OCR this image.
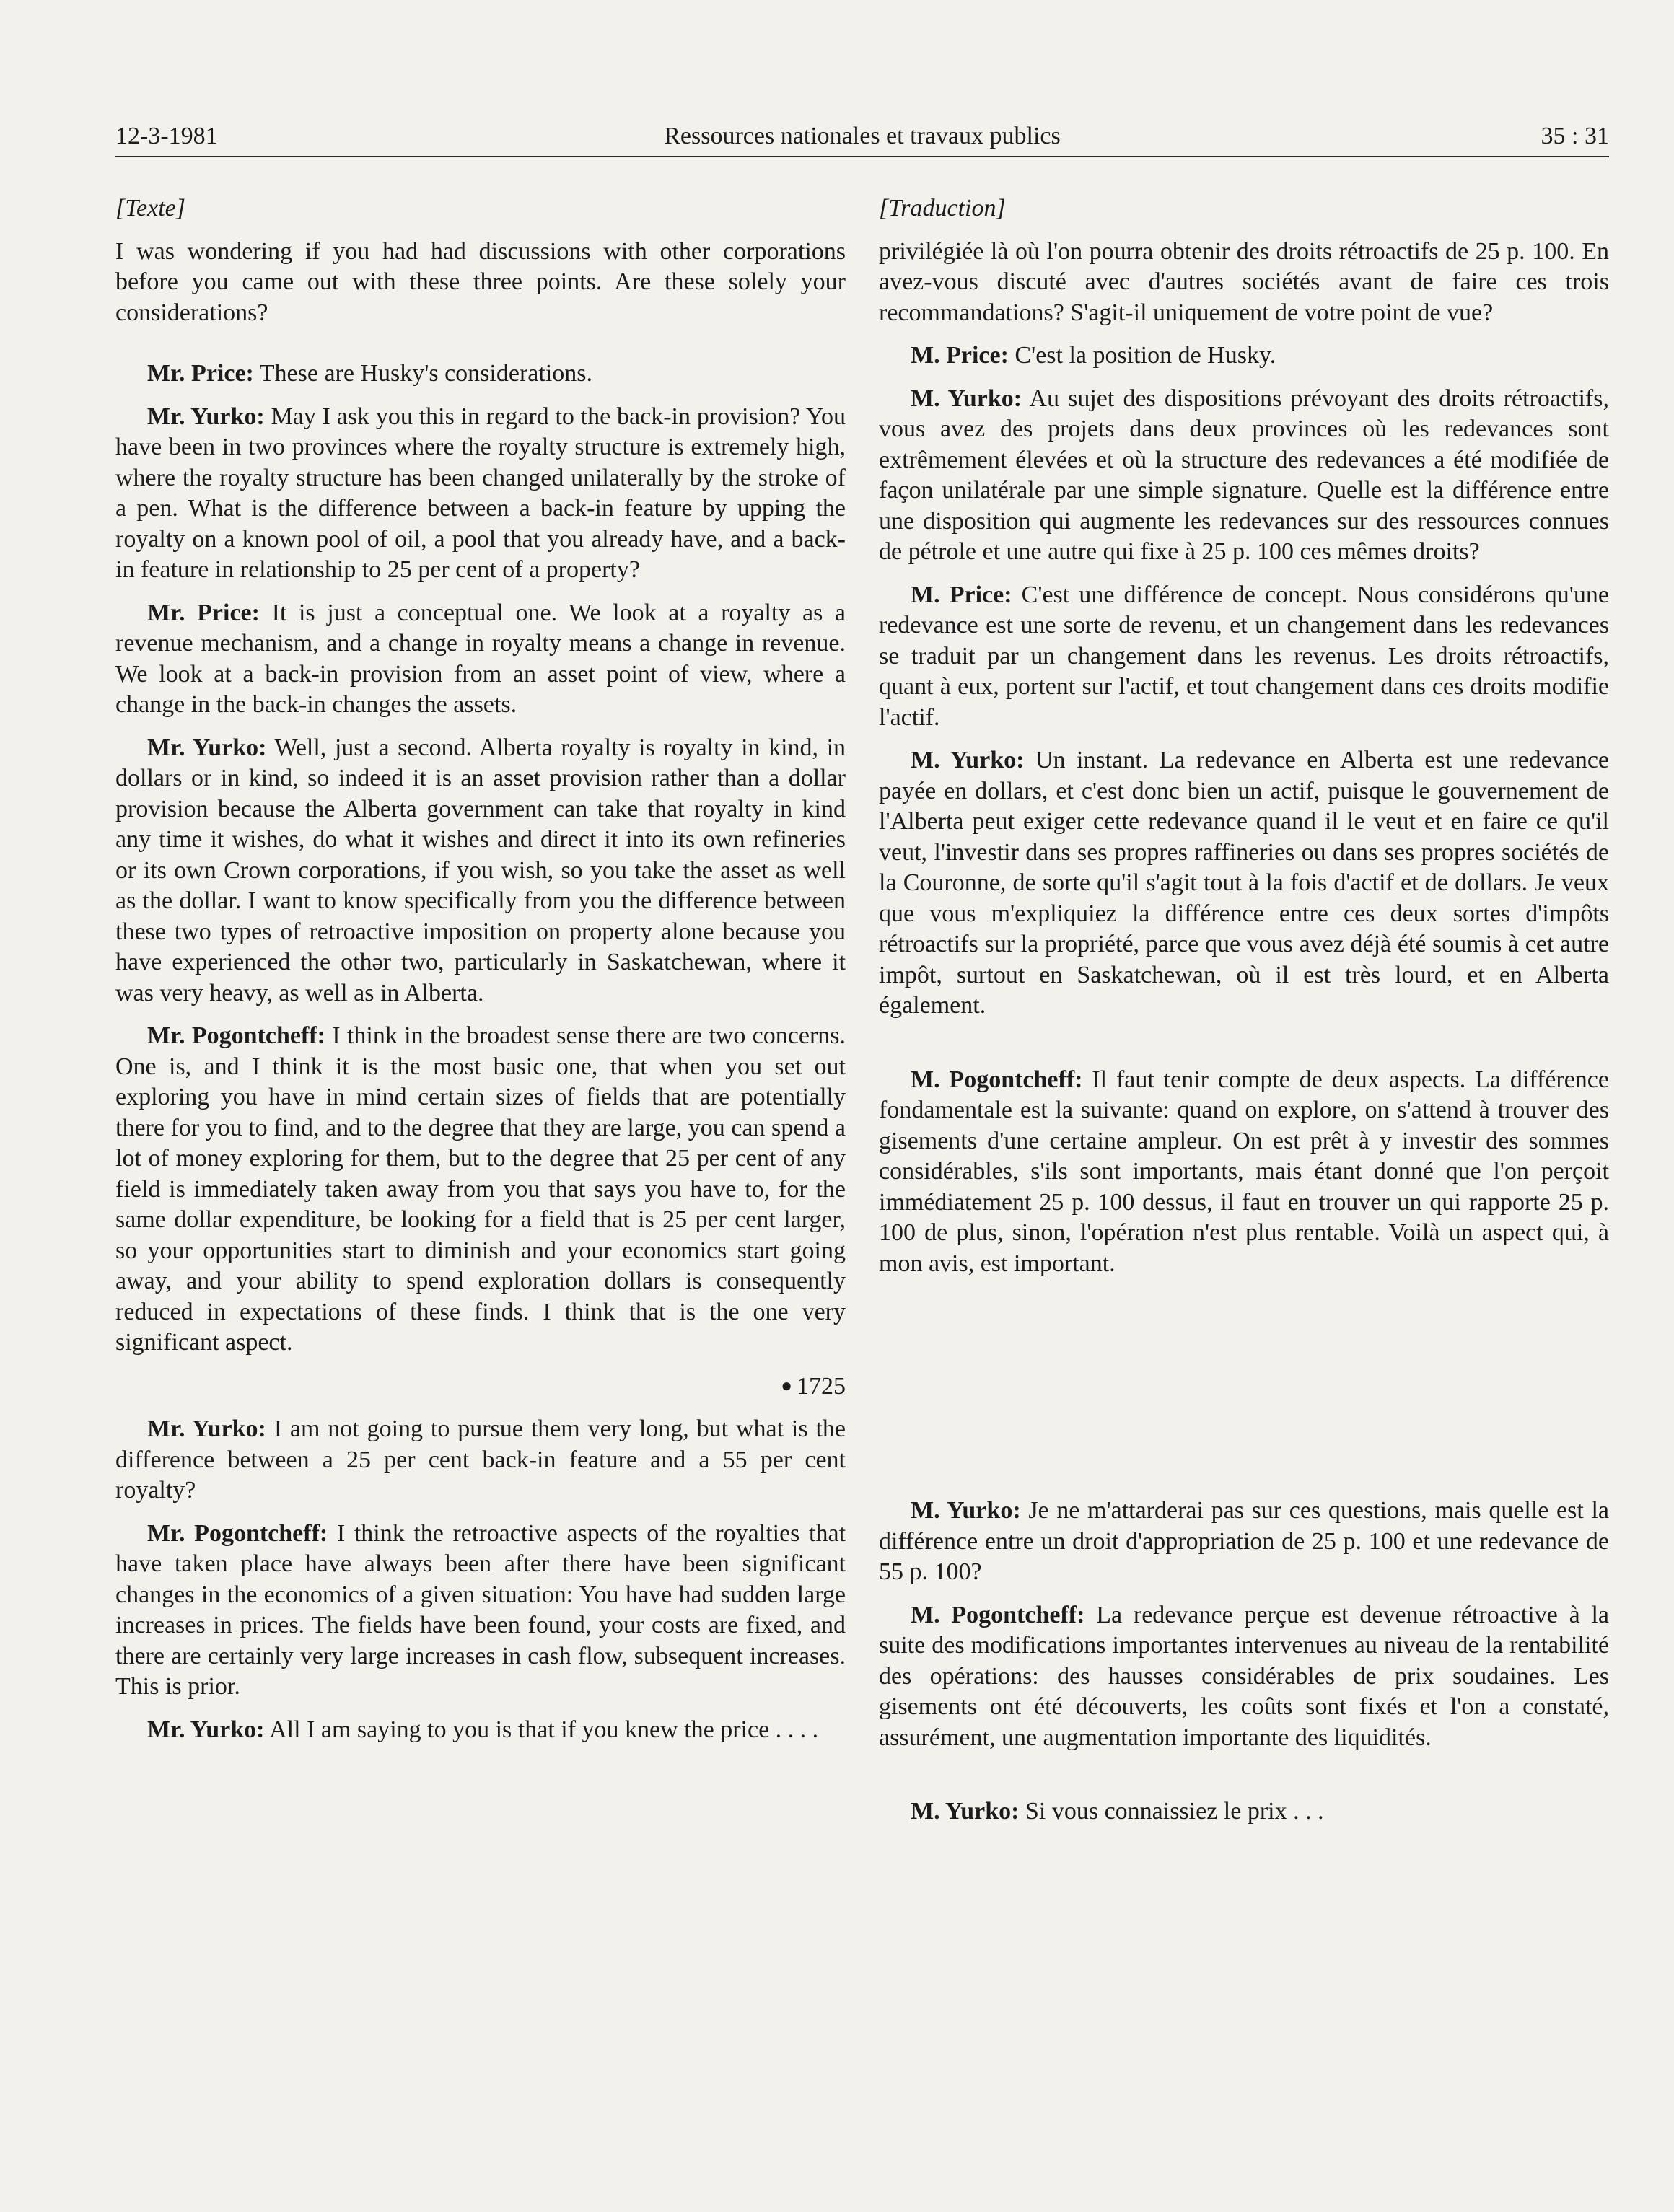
12-3-1981	Ressources nationales et travaux publics	35 : 31

[Texte]

I was wondering if you had had discussions with other corporations before you came out with these three points. Are these solely your considerations?

Mr. Price: These are Husky's considerations.

Mr. Yurko: May I ask you this in regard to the back-in provision? You have been in two provinces where the royalty structure is extremely high, where the royalty structure has been changed unilaterally by the stroke of a pen. What is the difference between a back-in feature by upping the royalty on a known pool of oil, a pool that you already have, and a back-in feature in relationship to 25 per cent of a property?

Mr. Price: It is just a conceptual one. We look at a royalty as a revenue mechanism, and a change in royalty means a change in revenue. We look at a back-in provision from an asset point of view, where a change in the back-in changes the assets.

Mr. Yurko: Well, just a second. Alberta royalty is royalty in kind, in dollars or in kind, so indeed it is an asset provision rather than a dollar provision because the Alberta government can take that royalty in kind any time it wishes, do what it wishes and direct it into its own refineries or its own Crown corporations, if you wish, so you take the asset as well as the dollar. I want to know specifically from you the difference between these two types of retroactive imposition on property alone because you have experienced the othər two, particularly in Saskatchewan, where it was very heavy, as well as in Alberta.

Mr. Pogontcheff: I think in the broadest sense there are two concerns. One is, and I think it is the most basic one, that when you set out exploring you have in mind certain sizes of fields that are potentially there for you to find, and to the degree that they are large, you can spend a lot of money exploring for them, but to the degree that 25 per cent of any field is immediately taken away from you that says you have to, for the same dollar expenditure, be looking for a field that is 25 per cent larger, so your opportunities start to diminish and your economics start going away, and your ability to spend exploration dollars is consequently reduced in expectations of these finds. I think that is the one very significant aspect.

● 1725

Mr. Yurko: I am not going to pursue them very long, but what is the difference between a 25 per cent back-in feature and a 55 per cent royalty?

Mr. Pogontcheff: I think the retroactive aspects of the royalties that have taken place have always been after there have been significant changes in the economics of a given situation: You have had sudden large increases in prices. The fields have been found, your costs are fixed, and there are certainly very large increases in cash flow, subsequent increases. This is prior.

Mr. Yurko: All I am saying to you is that if you knew the price . . . .

[Traduction]

privilégiée là où l'on pourra obtenir des droits rétroactifs de 25 p. 100. En avez-vous discuté avec d'autres sociétés avant de faire ces trois recommandations? S'agit-il uniquement de votre point de vue?

M. Price: C'est la position de Husky.

M. Yurko: Au sujet des dispositions prévoyant des droits rétroactifs, vous avez des projets dans deux provinces où les redevances sont extrêmement élevées et où la structure des redevances a été modifiée de façon unilatérale par une simple signature. Quelle est la différence entre une disposition qui augmente les redevances sur des ressources connues de pétrole et une autre qui fixe à 25 p. 100 ces mêmes droits?

M. Price: C'est une différence de concept. Nous considérons qu'une redevance est une sorte de revenu, et un changement dans les redevances se traduit par un changement dans les revenus. Les droits rétroactifs, quant à eux, portent sur l'actif, et tout changement dans ces droits modifie l'actif.

M. Yurko: Un instant. La redevance en Alberta est une redevance payée en dollars, et c'est donc bien un actif, puisque le gouvernement de l'Alberta peut exiger cette redevance quand il le veut et en faire ce qu'il veut, l'investir dans ses propres raffineries ou dans ses propres sociétés de la Couronne, de sorte qu'il s'agit tout à la fois d'actif et de dollars. Je veux que vous m'expliquiez la différence entre ces deux sortes d'impôts rétroactifs sur la propriété, parce que vous avez déjà été soumis à cet autre impôt, surtout en Saskatchewan, où il est très lourd, et en Alberta également.

M. Pogontcheff: Il faut tenir compte de deux aspects. La différence fondamentale est la suivante: quand on explore, on s'attend à trouver des gisements d'une certaine ampleur. On est prêt à y investir des sommes considérables, s'ils sont importants, mais étant donné que l'on perçoit immédiatement 25 p. 100 dessus, il faut en trouver un qui rapporte 25 p. 100 de plus, sinon, l'opération n'est plus rentable. Voilà un aspect qui, à mon avis, est important.

M. Yurko: Je ne m'attarderai pas sur ces questions, mais quelle est la différence entre un droit d'appropriation de 25 p. 100 et une redevance de 55 p. 100?

M. Pogontcheff: La redevance perçue est devenue rétroactive à la suite des modifications importantes intervenues au niveau de la rentabilité des opérations: des hausses considérables de prix soudaines. Les gisements ont été découverts, les coûts sont fixés et l'on a constaté, assurément, une augmentation importante des liquidités.

M. Yurko: Si vous connaissiez le prix . . .
